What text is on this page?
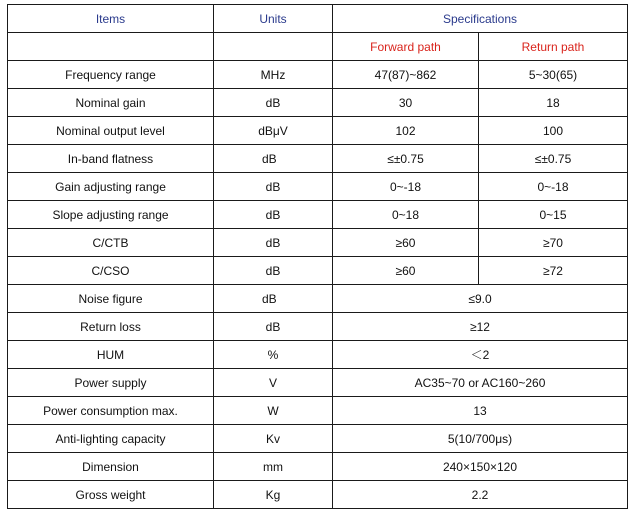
Items	Units	Specifications	
		Forward path	Return path
Frequency range	MHz	47(87)~862	5~30(65)
Nominal gain	dB	30	18
Nominal output level	dBμV	102	100
In-band flatness	dB	≤±0.75	≤±0.75
Gain adjusting range	dB	0~-18	0~-18
Slope adjusting range	dB	0~18	0~15
C/CTB	dB	≥60	≥70
C/CSO	dB	≥60	≥72
Noise figure	dB	≤9.0	
Return loss	dB	≥12	
HUM	%	＜2	
Power supply	V	AC35~70 or AC160~260	
Power consumption max.	W	13	
Anti-lighting capacity	Kv	5(10/700μs)	
Dimension	mm	240×150×120	
Gross weight	Kg	2.2	
